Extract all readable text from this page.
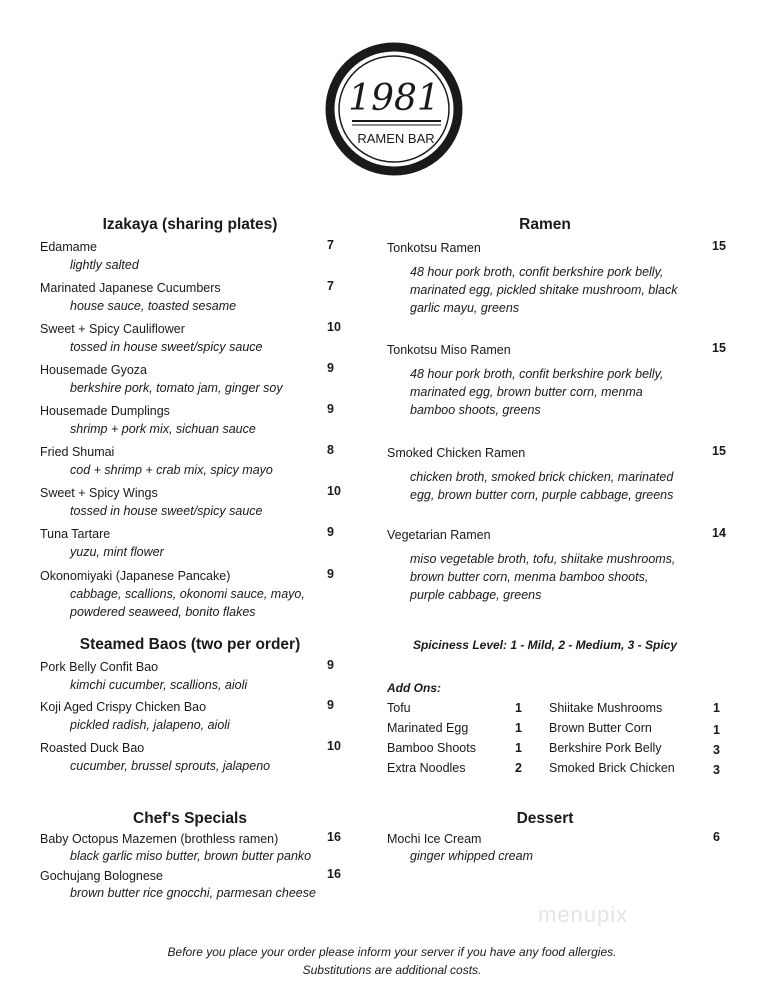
1981
RAMEN BAR
Izakaya (sharing plates)
Edamame	7
lightly salted
Marinated Japanese Cucumbers	7
house sauce, toasted sesame
Sweet + Spicy Cauliflower	10
tossed in house sweet/spicy sauce
Housemade Gyoza	9
berkshire pork, tomato jam, ginger soy
Housemade Dumplings	9
shrimp + pork mix, sichuan sauce
Fried Shumai	8
cod + shrimp + crab mix, spicy mayo
Sweet + Spicy Wings	10
tossed in house sweet/spicy sauce
Tuna Tartare	9
yuzu, mint flower
Okonomiyaki (Japanese Pancake)	9
cabbage, scallions, okonomi sauce, mayo,
powdered seaweed, bonito flakes
Steamed Baos (two per order)
Pork Belly Confit Bao	9
kimchi cucumber, scallions, aioli
Koji Aged Crispy Chicken Bao	9
pickled radish, jalapeno, aioli
Roasted Duck Bao	10
cucumber, brussel sprouts, jalapeno
Chef's Specials
Baby Octopus Mazemen (brothless ramen)	16
black garlic miso butter, brown butter panko
Gochujang Bolognese	16
brown butter rice gnocchi, parmesan cheese
Ramen
Tonkotsu Ramen	15
48 hour pork broth, confit berkshire pork belly,
marinated egg, pickled shitake mushroom, black
garlic mayu, greens
Tonkotsu Miso Ramen	15
48 hour pork broth, confit berkshire pork belly,
marinated egg, brown butter corn, menma
bamboo shoots, greens
Smoked Chicken Ramen	15
chicken broth, smoked brick chicken, marinated
egg, brown butter corn, purple cabbage, greens
Vegetarian Ramen	14
miso vegetable broth, tofu, shiitake mushrooms,
brown butter corn, menma bamboo shoots,
purple cabbage, greens
Dessert
Mochi Ice Cream	6
ginger whipped cream
Spiciness Level: 1 - Mild, 2 - Medium, 3 - Spicy
Add Ons:
Tofu	1
Marinated Egg	1
Bamboo Shoots	1
Extra Noodles	2
Shiitake Mushrooms	1
Brown Butter Corn	1
Berkshire Pork Belly	3
Smoked Brick Chicken	3
Before you place your order please inform your server if you have any food allergies.
Substitutions are additional costs.
menupix
